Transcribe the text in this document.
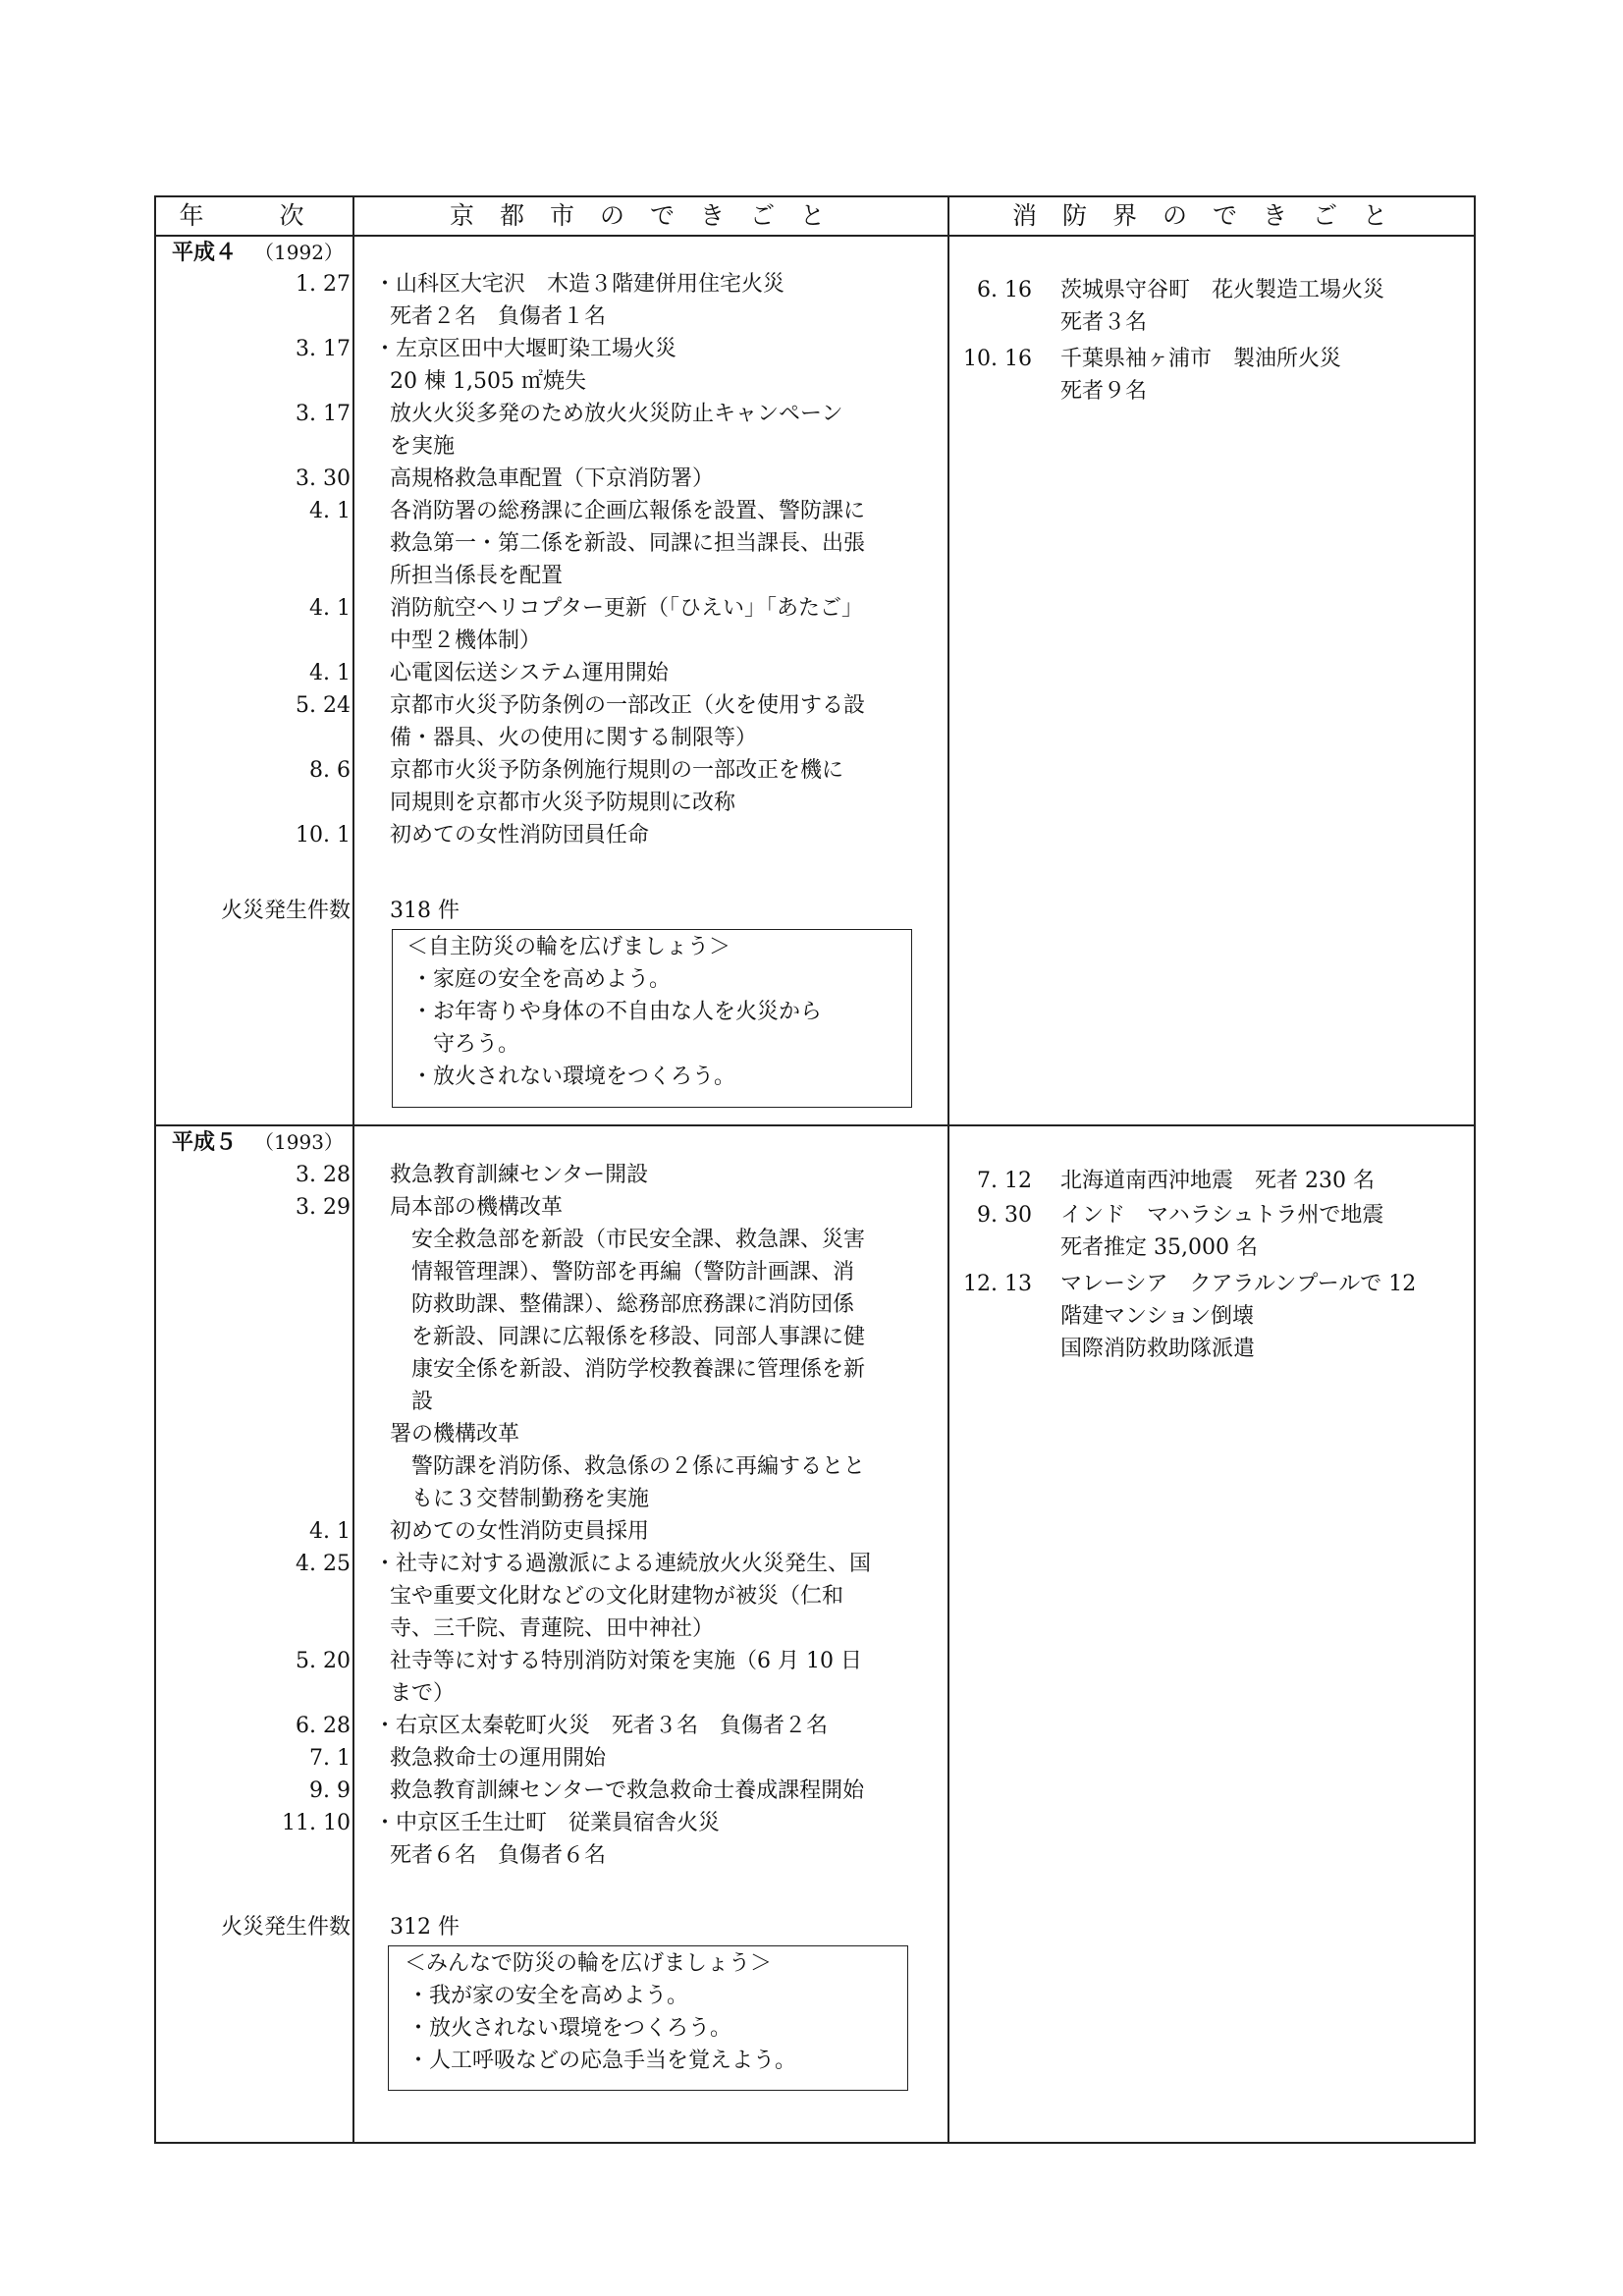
年　次	京都市のできごと	消防界のできごと
平成４ （1992）
1. 27 ・山科区大宅沢　木造３階建併用住宅火災
死者２名　負傷者１名
3. 17 ・左京区田中大堰町染工場火災
20 棟 1,505 ㎡焼失
3. 17 放火火災多発のため放火火災防止キャンペーン
を実施
3. 30 高規格救急車配置（下京消防署）
4. 1 各消防署の総務課に企画広報係を設置、警防課に
救急第一・第二係を新設、同課に担当課長、出張
所担当係長を配置
4. 1 消防航空ヘリコプター更新（「ひえい」「あたご」
中型２機体制）
4. 1 心電図伝送システム運用開始
5. 24 京都市火災予防条例の一部改正（火を使用する設
備・器具、火の使用に関する制限等）
8. 6 京都市火災予防条例施行規則の一部改正を機に
同規則を京都市火災予防規則に改称
10. 1 初めての女性消防団員任命
火災発生件数 318 件
＜自主防災の輪を広げましょう＞
・家庭の安全を高めよう。
・お年寄りや身体の不自由な人を火災から
　守ろう。
・放火されない環境をつくろう。
6. 16 茨城県守谷町　花火製造工場火災
死者３名
10. 16 千葉県袖ヶ浦市　製油所火災
死者９名
平成５ （1993）
3. 28 救急教育訓練センター開設
3. 29 局本部の機構改革
　安全救急部を新設（市民安全課、救急課、災害
　情報管理課）、警防部を再編（警防計画課、消
　防救助課、整備課）、総務部庶務課に消防団係
　を新設、同課に広報係を移設、同部人事課に健
　康安全係を新設、消防学校教養課に管理係を新
　設
署の機構改革
　警防課を消防係、救急係の２係に再編するとと
　もに３交替制勤務を実施
4. 1 初めての女性消防吏員採用
4. 25 ・社寺に対する過激派による連続放火火災発生、国
宝や重要文化財などの文化財建物が被災（仁和
寺、三千院、青蓮院、田中神社）
5. 20 社寺等に対する特別消防対策を実施（6 月 10 日
まで）
6. 28 ・右京区太秦乾町火災　死者３名　負傷者２名
7. 1 救急救命士の運用開始
9. 9 救急教育訓練センターで救急救命士養成課程開始
11. 10 ・中京区壬生辻町　従業員宿舎火災
死者６名　負傷者６名
火災発生件数 312 件
＜みんなで防災の輪を広げましょう＞
・我が家の安全を高めよう。
・放火されない環境をつくろう。
・人工呼吸などの応急手当を覚えよう。
7. 12 北海道南西沖地震　死者 230 名
9. 30 インド　マハラシュトラ州で地震
死者推定 35,000 名
12. 13 マレーシア　クアラルンプールで 12
階建マンション倒壊
国際消防救助隊派遣
